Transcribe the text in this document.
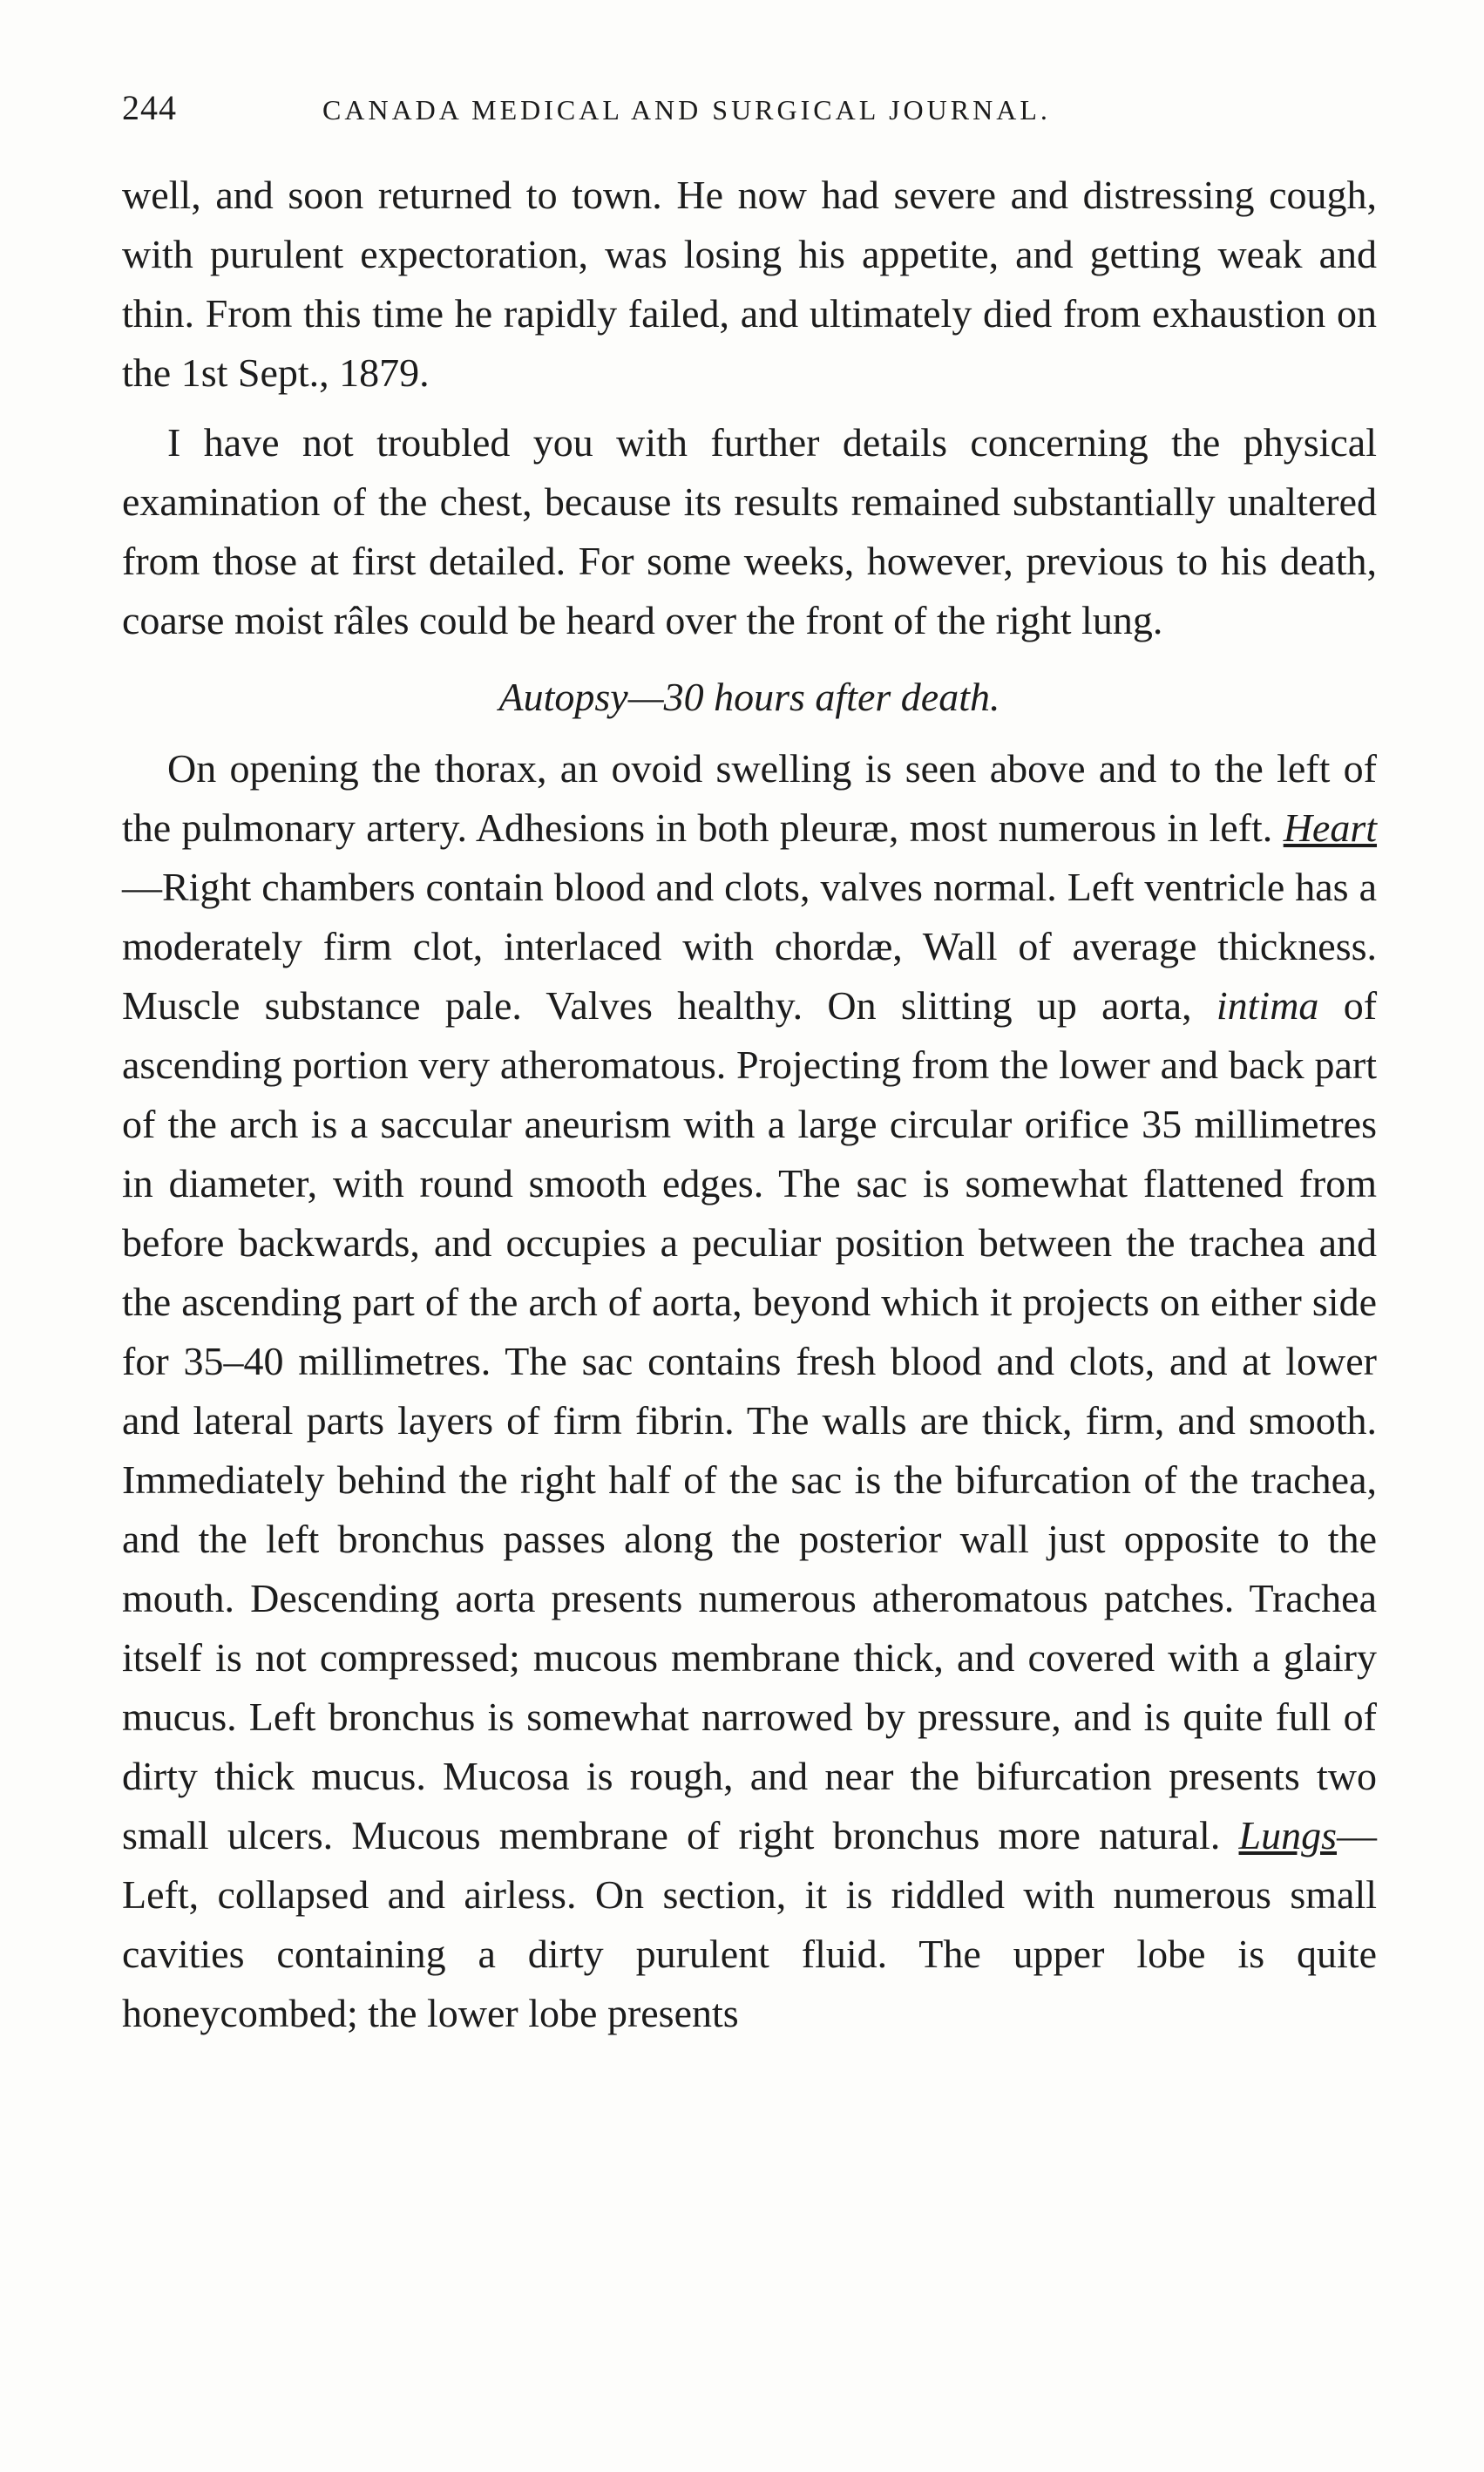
244	CANADA MEDICAL AND SURGICAL JOURNAL.

well, and soon returned to town. He now had severe and distressing cough, with purulent expectoration, was losing his appetite, and getting weak and thin. From this time he rapidly failed, and ultimately died from exhaustion on the 1st Sept., 1879.

I have not troubled you with further details concerning the physical examination of the chest, because its results remained substantially unaltered from those at first detailed. For some weeks, however, previous to his death, coarse moist râles could be heard over the front of the right lung.

Autopsy—30 hours after death.

On opening the thorax, an ovoid swelling is seen above and to the left of the pulmonary artery. Adhesions in both pleuræ, most numerous in left. Heart—Right chambers contain blood and clots, valves normal. Left ventricle has a moderately firm clot, interlaced with chordæ, Wall of average thickness. Muscle substance pale. Valves healthy. On slitting up aorta, intima of ascending portion very atheromatous. Projecting from the lower and back part of the arch is a saccular aneurism with a large circular orifice 35 millimetres in diameter, with round smooth edges. The sac is somewhat flattened from before backwards, and occupies a peculiar position between the trachea and the ascending part of the arch of aorta, beyond which it projects on either side for 35–40 millimetres. The sac contains fresh blood and clots, and at lower and lateral parts layers of firm fibrin. The walls are thick, firm, and smooth. Immediately behind the right half of the sac is the bifurcation of the trachea, and the left bronchus passes along the posterior wall just opposite to the mouth. Descending aorta presents numerous atheromatous patches. Trachea itself is not compressed; mucous membrane thick, and covered with a glairy mucus. Left bronchus is somewhat narrowed by pressure, and is quite full of dirty thick mucus. Mucosa is rough, and near the bifurcation presents two small ulcers. Mucous membrane of right bronchus more natural. Lungs—Left, collapsed and airless. On section, it is riddled with numerous small cavities containing a dirty purulent fluid. The upper lobe is quite honeycombed; the lower lobe presents
